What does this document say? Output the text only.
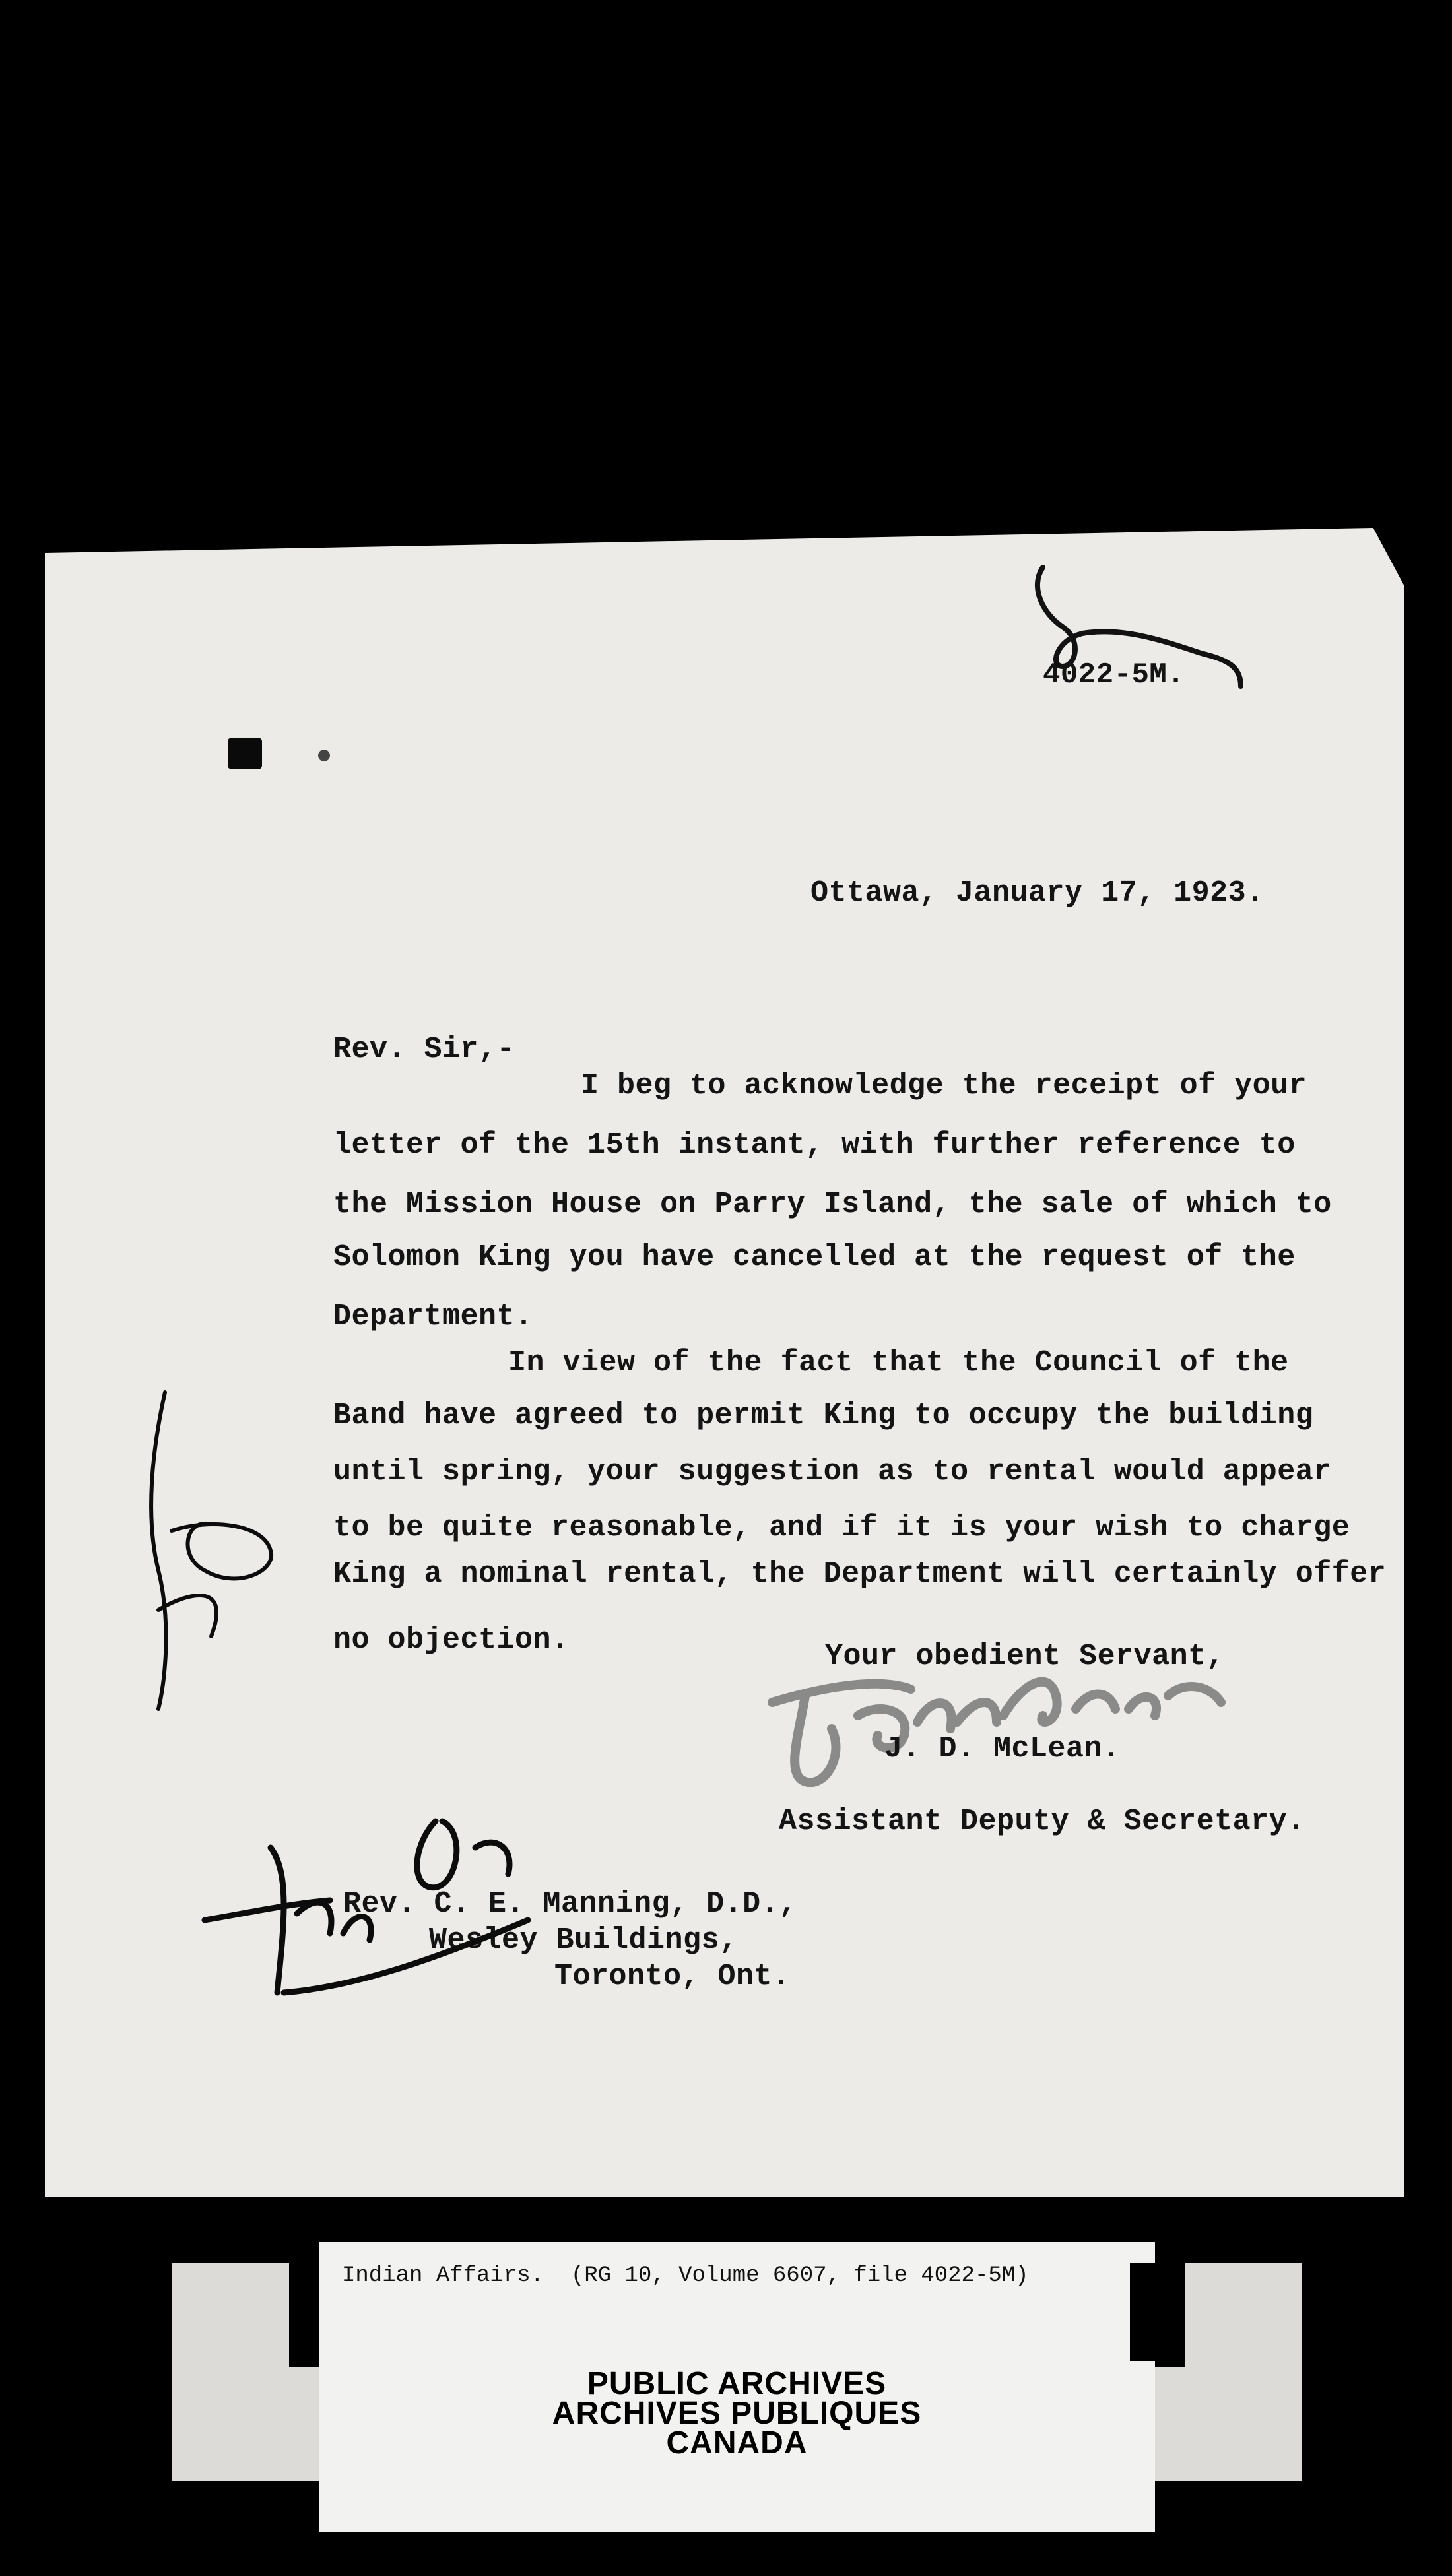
4022-5M.
Ottawa, January 17, 1923.
Rev. Sir,-
I beg to acknowledge the receipt of your
letter of the 15th instant, with further reference to
the Mission House on Parry Island, the sale of which to
Solomon King you have cancelled at the request of the
Department.
In view of the fact that the Council of the
Band have agreed to permit King to occupy the building
until spring, your suggestion as to rental would appear
to be quite reasonable, and if it is your wish to charge
King a nominal rental, the Department will certainly offer
no objection.	Your obedient Servant,
J. D. McLean.
Assistant Deputy & Secretary.
Rev. C. E. Manning, D.D.,
Wesley Buildings,
Toronto, Ont.
Indian Affairs.  (RG 10, Volume 6607, file 4022-5M)
PUBLIC ARCHIVES
ARCHIVES PUBLIQUES
CANADA
